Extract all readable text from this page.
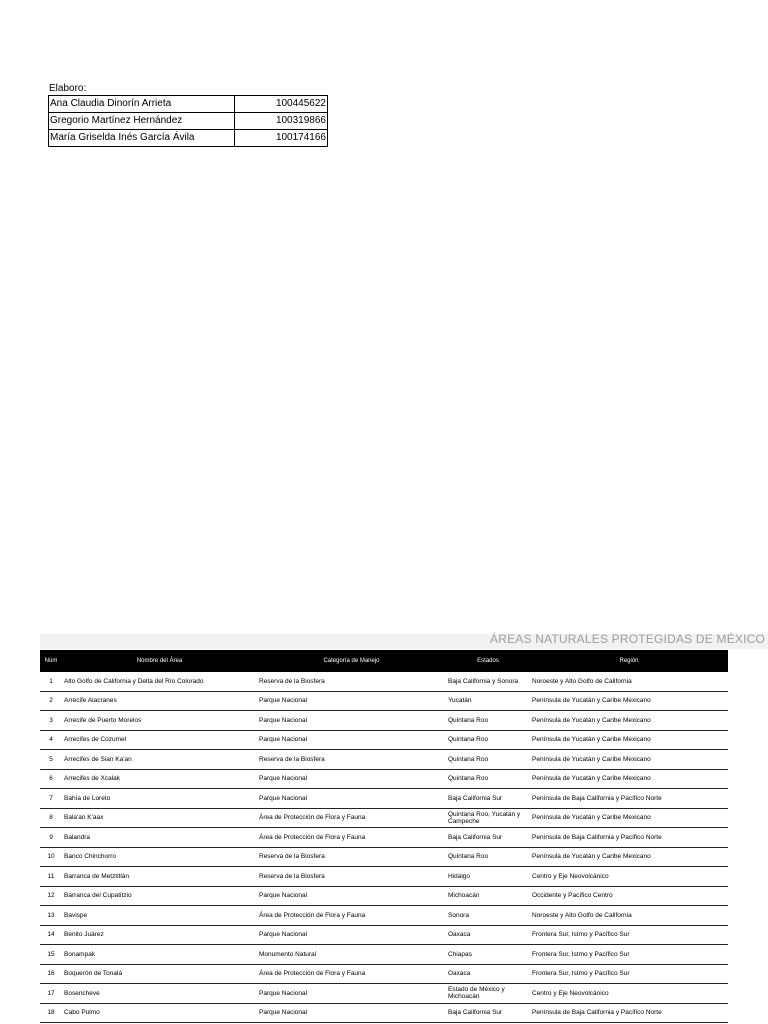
Elaboro:
Ana Claudia Dinorín Arrieta	100445622
Gregorio Martínez Hernández	100319866
María Griselda Inés García Ávila	100174166
ÁREAS NATURALES PROTEGIDAS DE MÉXICO
Núm	Nombre del Área	Categoría de Manejo	Estados	Región
1	Alto Golfo de California y Delta del Río Colorado	Reserva de la Biosfera	Baja California y Sonora	Noroeste y Alto Golfo de California
2	Arrecife Alacranes	Parque Nacional	Yucatán	Península de Yucatán y Caribe Mexicano
3	Arrecife de Puerto Morelos	Parque Nacional	Quintana Roo	Península de Yucatán y Caribe Mexicano
4	Arrecifes de Cozumel	Parque Nacional	Quintana Roo	Península de Yucatán y Caribe Mexicano
5	Arrecifes de Sian Ka'an	Reserva de la Biosfera	Quintana Roo	Península de Yucatán y Caribe Mexicano
6	Arrecifes de Xcalak	Parque Nacional	Quintana Roo	Península de Yucatán y Caribe Mexicano
7	Bahía de Loreto	Parque Nacional	Baja California Sur	Península de Baja California y Pacífico Norte
8	Bala'an K'aax	Área de Protección de Flora y Fauna	Quintana Roo, Yucatán y Campeche	Península de Yucatán y Caribe Mexicano
9	Balandra	Área de Protección de Flora y Fauna	Baja California Sur	Península de Baja California y Pacífico Norte
10	Banco Chinchorro	Reserva de la Biosfera	Quintana Roo	Península de Yucatán y Caribe Mexicano
11	Barranca de Metztitlán	Reserva de la Biosfera	Hidalgo	Centro y Eje Neovolcánico
12	Barranca del Cupatitzio	Parque Nacional	Michoacán	Occidente y Pacífico Centro
13	Bavispe	Área de Protección de Flora y Fauna	Sonora	Noroeste y Alto Golfo de California
14	Benito Juárez	Parque Nacional	Oaxaca	Frontera Sur, Istmo y Pacífico Sur
15	Bonampak	Monumento Natural	Chiapas	Frontera Sur, Istmo y Pacífico Sur
16	Boquerón de Tonalá	Área de Protección de Flora y Fauna	Oaxaca	Frontera Sur, Istmo y Pacífico Sur
17	Bosencheve	Parque Nacional	Estado de México y Michoacán	Centro y Eje Neovolcánico
18	Cabo Pulmo	Parque Nacional	Baja California Sur	Península de Baja California y Pacífico Norte
